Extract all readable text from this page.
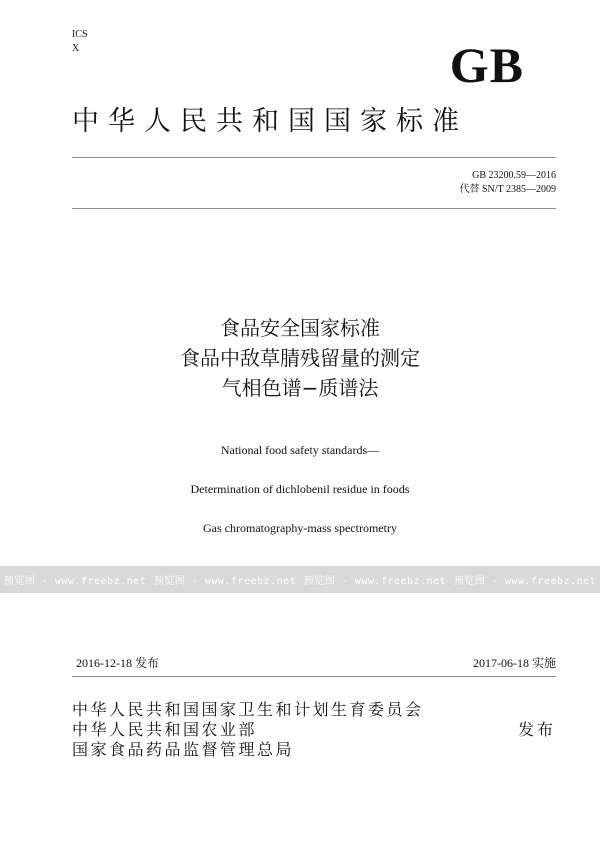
ICS
X	GB
中华人民共和国国家标准
GB 23200.59—2016
代替 SN/T 2385—2009
食品安全国家标准
食品中敌草腈残留量的测定
气相色谱−质谱法
National food safety standards—
Determination of dichlobenil residue in foods
Gas chromatography-mass spectrometry
预览图 - www.freebz.net 预览图 - www.freebz.net 预览图 - www.freebz.net 预览图 - www.freebz.net
2016-12-18 发布	2017-06-18 实施
中华人民共和国国家卫生和计划生育委员会
中华人民共和国农业部
国家食品药品监督管理总局
发布
